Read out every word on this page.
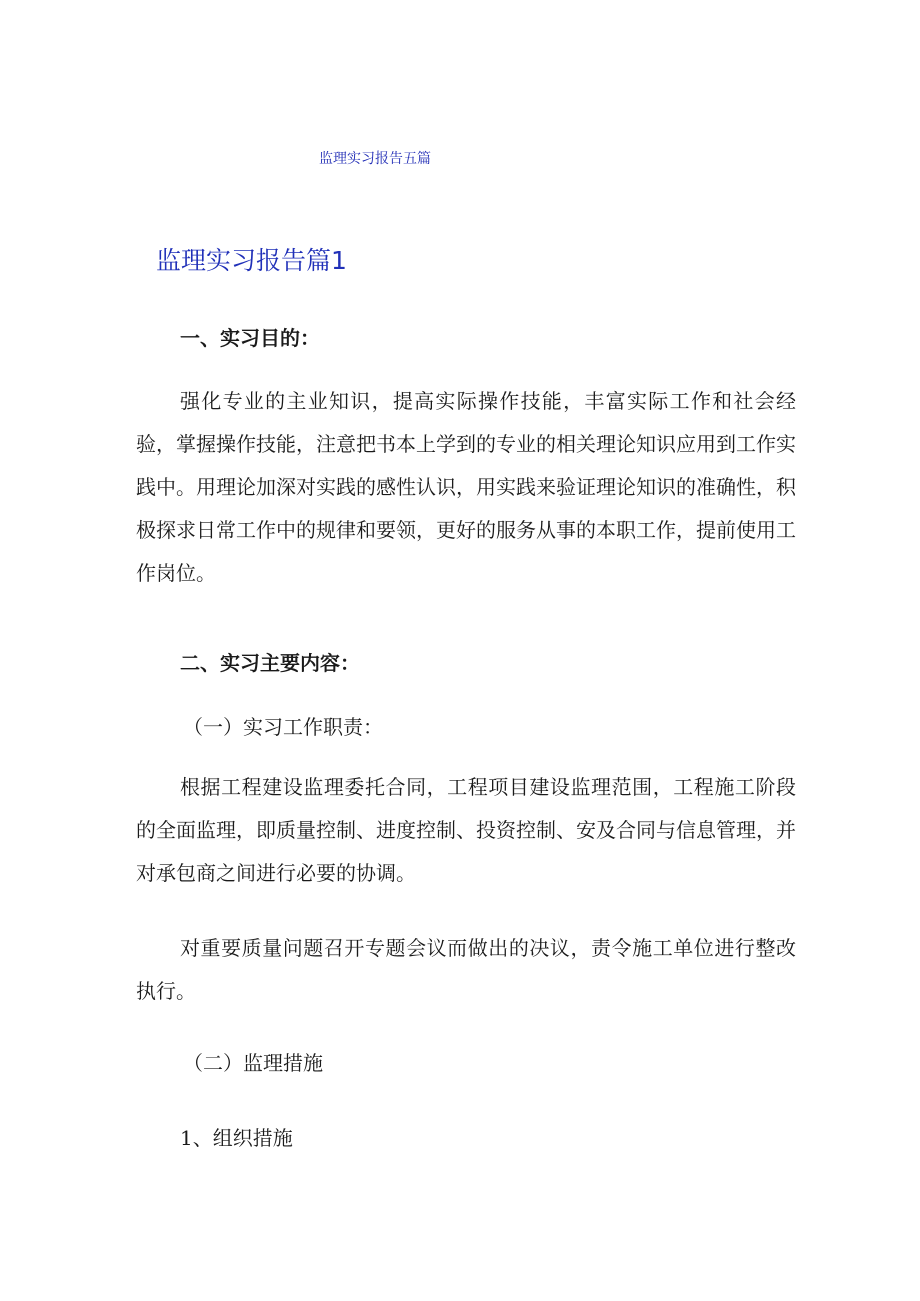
监理实习报告五篇
监理实习报告篇1
一、实习目的：
强化专业的主业知识，提高实际操作技能，丰富实际工作和社会经验，掌握操作技能，注意把书本上学到的专业的相关理论知识应用到工作实践中。用理论加深对实践的感性认识，用实践来验证理论知识的准确性，积极探求日常工作中的规律和要领，更好的服务从事的本职工作，提前使用工作岗位。
二、实习主要内容：
（一）实习工作职责：
根据工程建设监理委托合同，工程项目建设监理范围，工程施工阶段的全面监理，即质量控制、进度控制、投资控制、安及合同与信息管理，并对承包商之间进行必要的协调。
对重要质量问题召开专题会议而做出的决议，责令施工单位进行整改执行。
（二）监理措施
1、组织措施
